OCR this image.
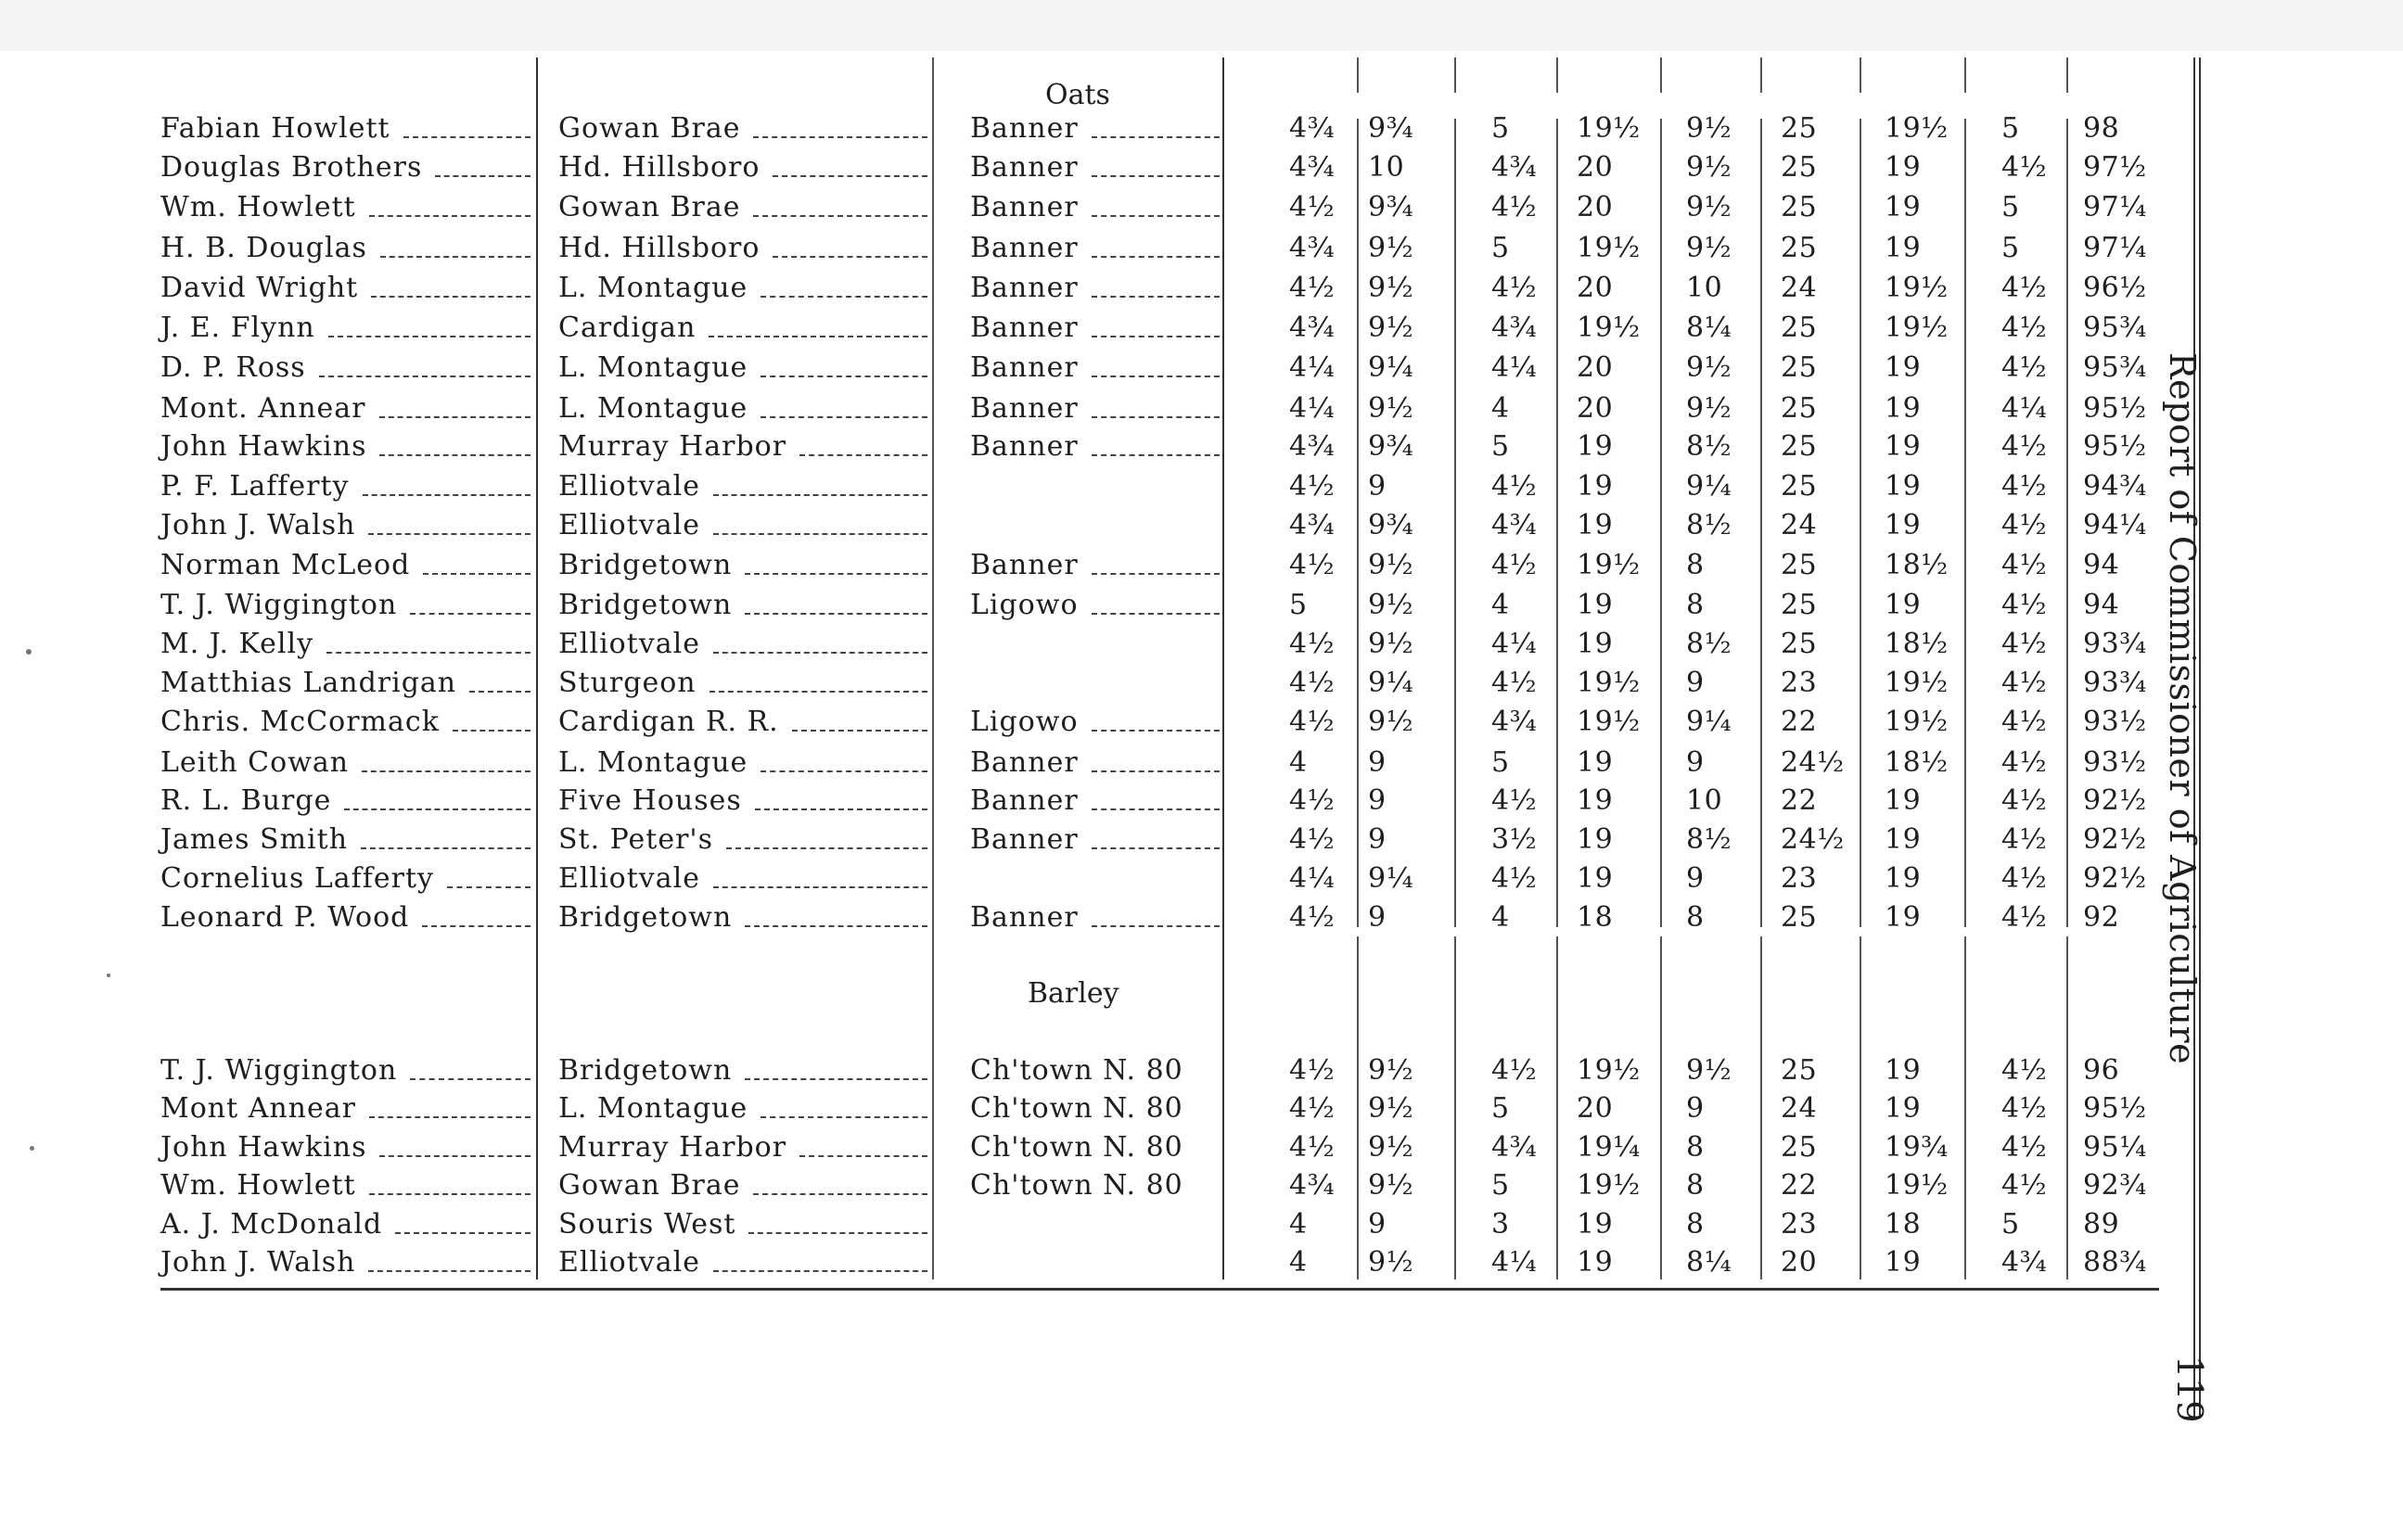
Oats
Fabian Howlett	Gowan Brae	Banner	4¾ 9¾	5 19½ 9½ 25 19½ 5 98
Douglas Brothers	Hd. Hillsboro	Banner	4¾ 10	4¾ 20	9½ 25 19	4½ 97½
Wm. Howlett	Gowan Brae	Banner	4½ 9¾	4½ 20	9½ 25 19	5 97¼
H. B. Douglas	Hd. Hillsboro	Banner	4¾ 9½	5 19½ 9½ 25 19	5 97¼
David Wright	L. Montague	Banner	4½ 9½	4½ 20	10 24 19½ 4½ 96½
J. E. Flynn	Cardigan	Banner	4¾ 9½	4¾ 19½ 8¼ 25 19½ 4½ 95¾
D. P. Ross	L. Montague	Banner	4¼ 9¼	4¼ 20	9½ 25 19	4½ 95¾
Mont. Annear	L. Montague	Banner	4¼ 9½	4 20	9½ 25 19	4¼ 95½
John Hawkins	Murray Harbor	Banner	4¾ 9¾	5 19	8½ 25 19	4½ 95½
P. F. Lafferty	Elliotvale	4½ 9	4½ 19	9¼ 25 19	4½ 94¾
John J. Walsh	Elliotvale	4¾ 9¾	4¾ 19	8½ 24 19	4½ 94¼
Norman McLeod	Bridgetown	Banner	4½ 9½	4½ 19½ 8	25 18½ 4½ 94
T. J. Wiggington	Bridgetown	Ligowo	5 9½	4 19	8	25 19	4½ 94
M. J. Kelly	Elliotvale	4½ 9½	4¼ 19	8½ 25 18½ 4½ 93¾
Matthias Landrigan	Sturgeon	4½ 9¼	4½ 19½ 9	23 19½ 4½ 93¾
Chris. McCormack	Cardigan R. R.	Ligowo	4½ 9½	4¾ 19½ 9¼ 22 19½ 4½ 93½
Leith Cowan	L. Montague	Banner	4 9	5 19	9	24½ 18½ 4½ 93½
R. L. Burge	Five Houses	Banner	4½ 9	4½ 19	10 22 19	4½ 92½
James Smith	St. Peter's	Banner	4½ 9	3½ 19	8½ 24½ 19	4½ 92½
Cornelius Lafferty	Elliotvale	4¼ 9¼	4½ 19	9	23 19	4½ 92½
Leonard P. Wood	Bridgetown	Banner	4½ 9	4 18	8	25 19	4½ 92
Barley
T. J. Wiggington	Bridgetown	Ch'town N. 80	4½ 9½	4½ 19½ 9½ 25 19	4½ 96
Mont Annear	L. Montague	Ch'town N. 80	4½ 9½	5 20	9	24 19	4½ 95½
John Hawkins	Murray Harbor	Ch'town N. 80	4½ 9½	4¾ 19¼ 8	25 19¾ 4½ 95¼
Wm. Howlett	Gowan Brae	Ch'town N. 80	4¾ 9½	5 19½ 8	22 19½ 4½ 92¾
A. J. McDonald	Souris West	4 9	3 19	8	23 18	5 89
John J. Walsh	Elliotvale	4 9½	4¼ 19	8¼ 20 19	4¾ 88¾
Report of Commissioner of Agriculture
119
